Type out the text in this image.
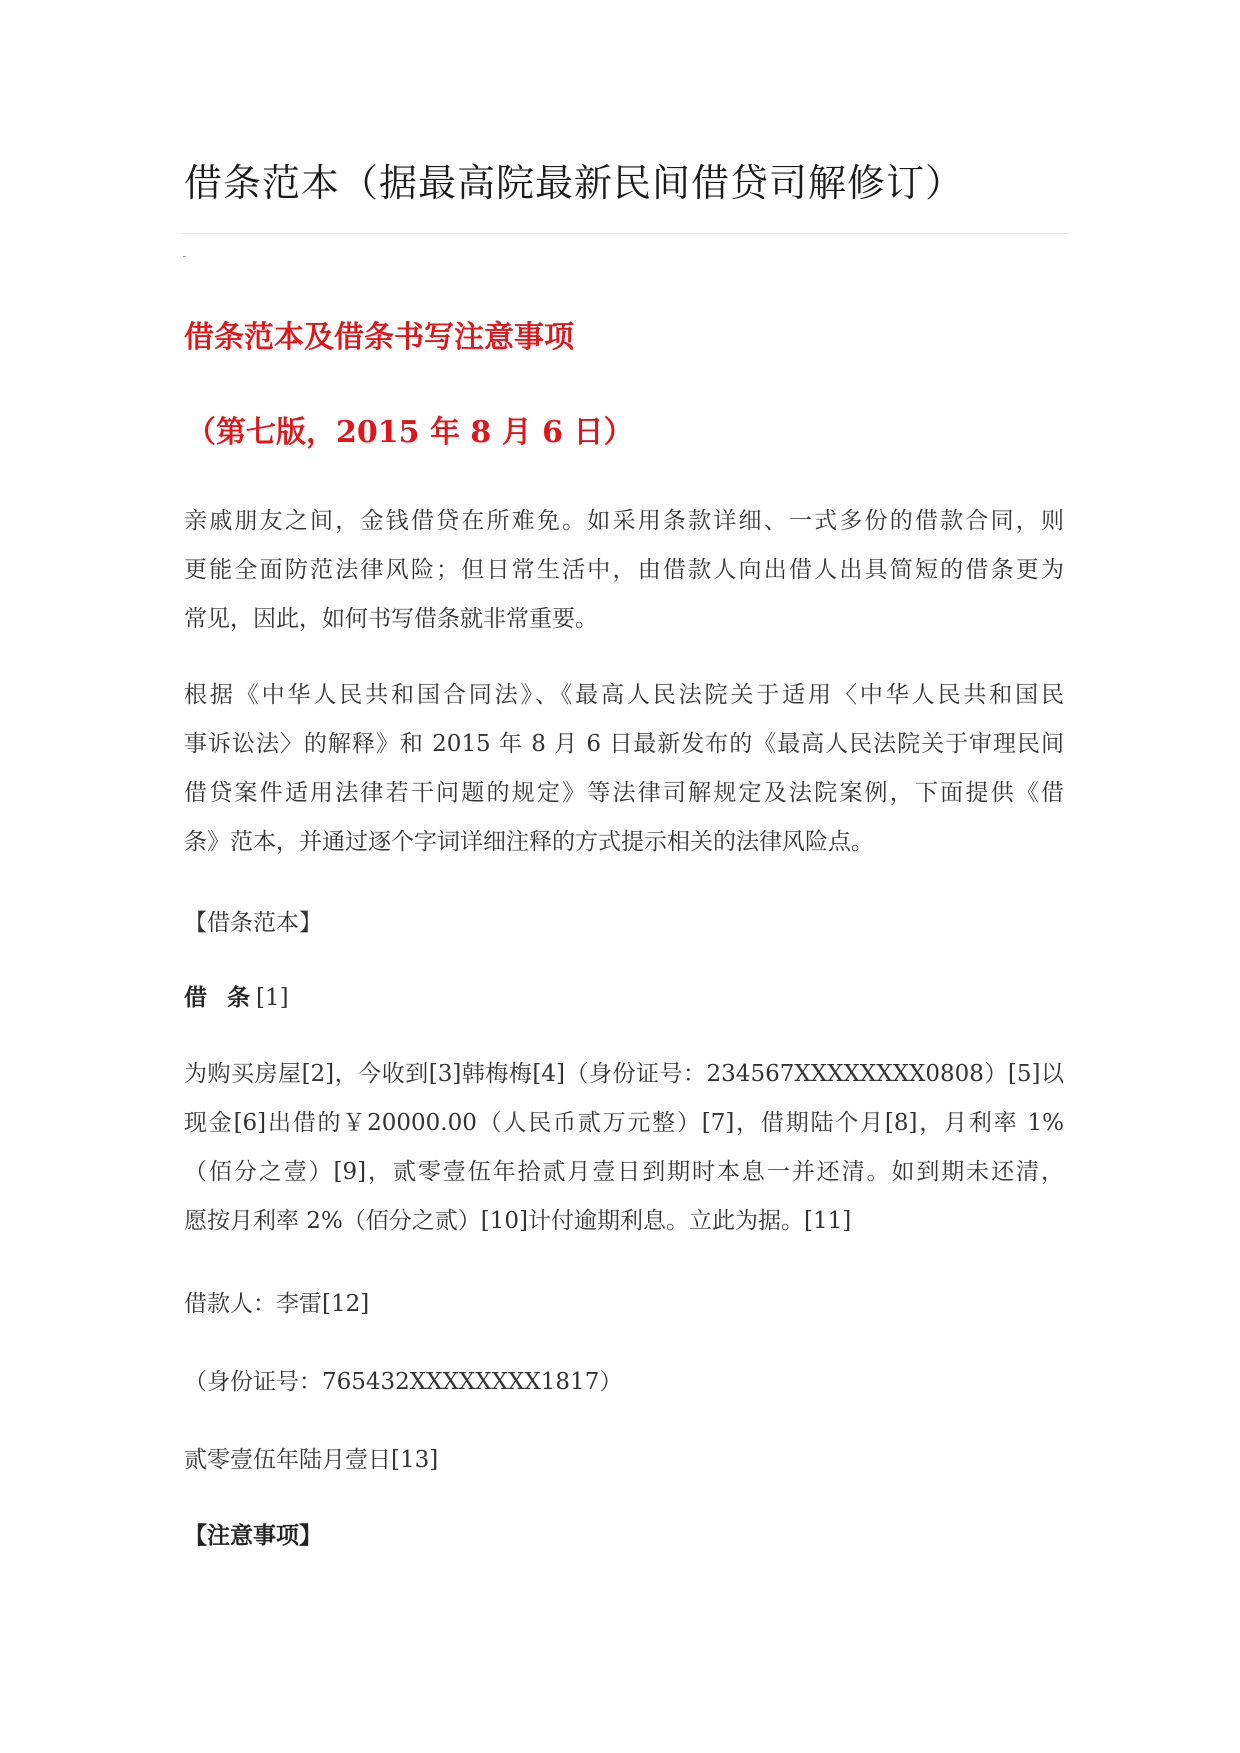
借条范本（据最高院最新民间借贷司解修订）
借条范本及借条书写注意事项
（第七版，2015 年 8 月 6 日）
亲戚朋友之间，金钱借贷在所难免。如采用条款详细、一式多份的借款合同，则
更能全面防范法律风险；但日常生活中，由借款人向出借人出具简短的借条更为
常见，因此，如何书写借条就非常重要。
根据《中华人民共和国合同法》、《最高人民法院关于适用〈中华人民共和国民
事诉讼法〉的解释》和 2015 年 8 月 6 日最新发布的《最高人民法院关于审理民间
借贷案件适用法律若干问题的规定》等法律司解规定及法院案例，下面提供《借
条》范本，并通过逐个字词详细注释的方式提示相关的法律风险点。
【借条范本】
借 条[1]
为购买房屋[2]，今收到[3]韩梅梅[4]（身份证号：234567XXXXXXXX0808）[5]以
现金[6]出借的￥20000.00（人民币贰万元整）[7]，借期陆个月[8]，月利率 1%
（佰分之壹）[9]，贰零壹伍年拾贰月壹日到期时本息一并还清。如到期未还清，
愿按月利率 2%（佰分之贰）[10]计付逾期利息。立此为据。[11]
借款人：李雷[12]
（身份证号：765432XXXXXXXX1817）
贰零壹伍年陆月壹日[13]
【注意事项】
